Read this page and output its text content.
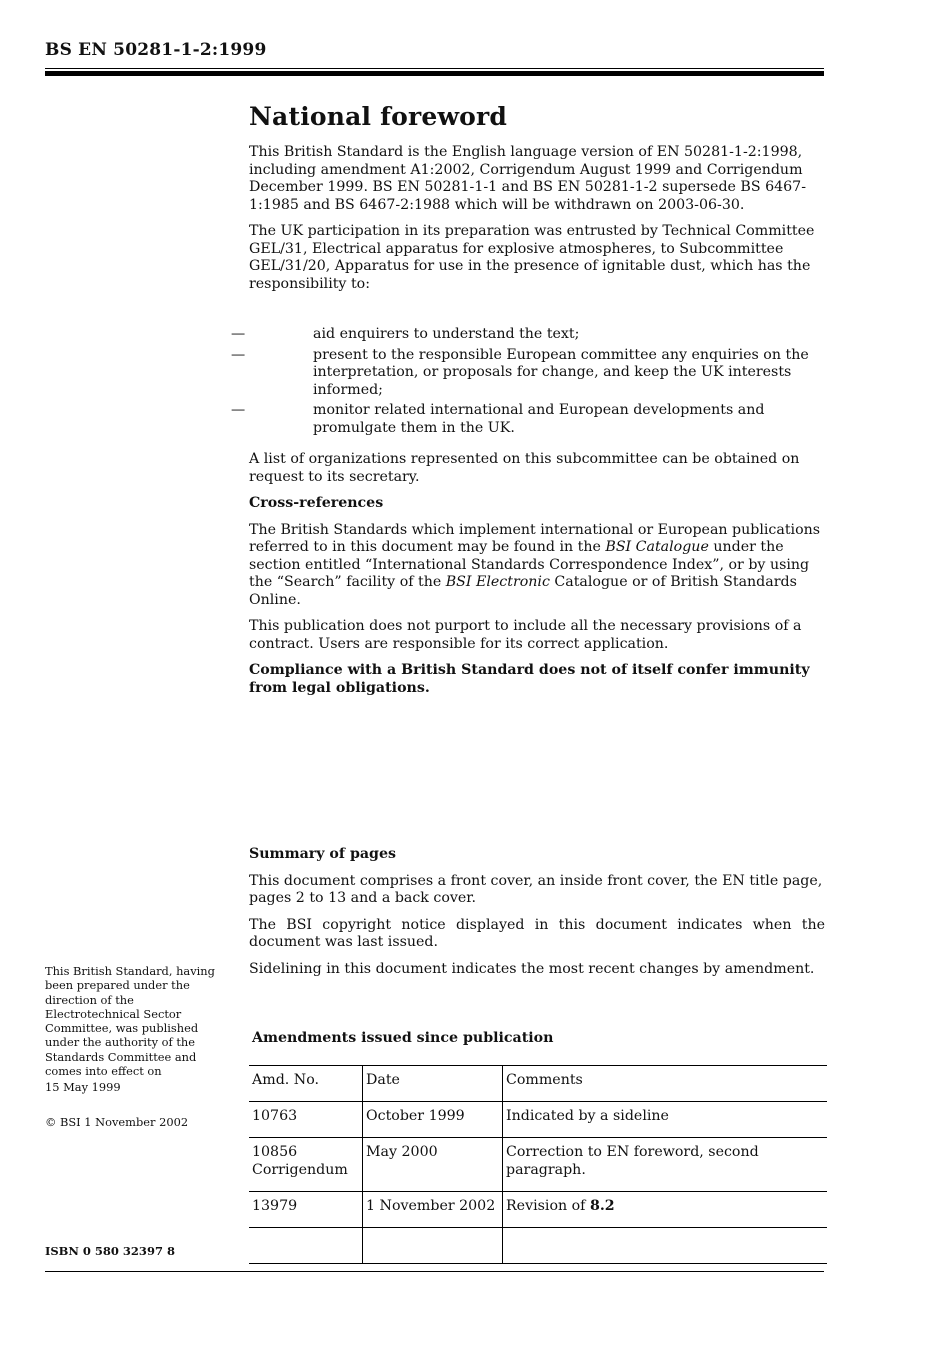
BS EN 50281-1-2:1999
National foreword

This British Standard is the English language version of EN 50281-1-2:1998, including amendment A1:2002, Corrigendum August 1999 and Corrigendum December 1999. BS EN 50281-1-1 and BS EN 50281-1-2 supersede BS 6467-1:1985 and BS 6467-2:1988 which will be withdrawn on 2003-06-30.

The UK participation in its preparation was entrusted by Technical Committee GEL/31, Electrical apparatus for explosive atmospheres, to Subcommittee GEL/31/20, Apparatus for use in the presence of ignitable dust, which has the responsibility to:

—	aid enquirers to understand the text;
—	present to the responsible European committee any enquiries on the interpretation, or proposals for change, and keep the UK interests informed;
—	monitor related international and European developments and promulgate them in the UK.

A list of organizations represented on this subcommittee can be obtained on request to its secretary.

Cross-references

The British Standards which implement international or European publications referred to in this document may be found in the BSI Catalogue under the section entitled “International Standards Correspondence Index”, or by using the “Search” facility of the BSI Electronic Catalogue or of British Standards Online.

This publication does not purport to include all the necessary provisions of a contract. Users are responsible for its correct application.

Compliance with a British Standard does not of itself confer immunity from legal obligations.

Summary of pages

This document comprises a front cover, an inside front cover, the EN title page, pages 2 to 13 and a back cover.

The BSI copyright notice displayed in this document indicates when the document was last issued.

Sidelining in this document indicates the most recent changes by amendment.

This British Standard, having been prepared under the direction of the Electrotechnical Sector Committee, was published under the authority of the Standards Committee and comes into effect on

15 May 1999

© BSI 1 November 2002

ISBN 0 580 32397 8
Amendments issued since publication
Amd. No.	Date	Comments
10763	October 1999	Indicated by a sideline
10856 Corrigendum	May 2000	Correction to EN foreword, second paragraph.
13979	1 November 2002	Revision of 8.2
